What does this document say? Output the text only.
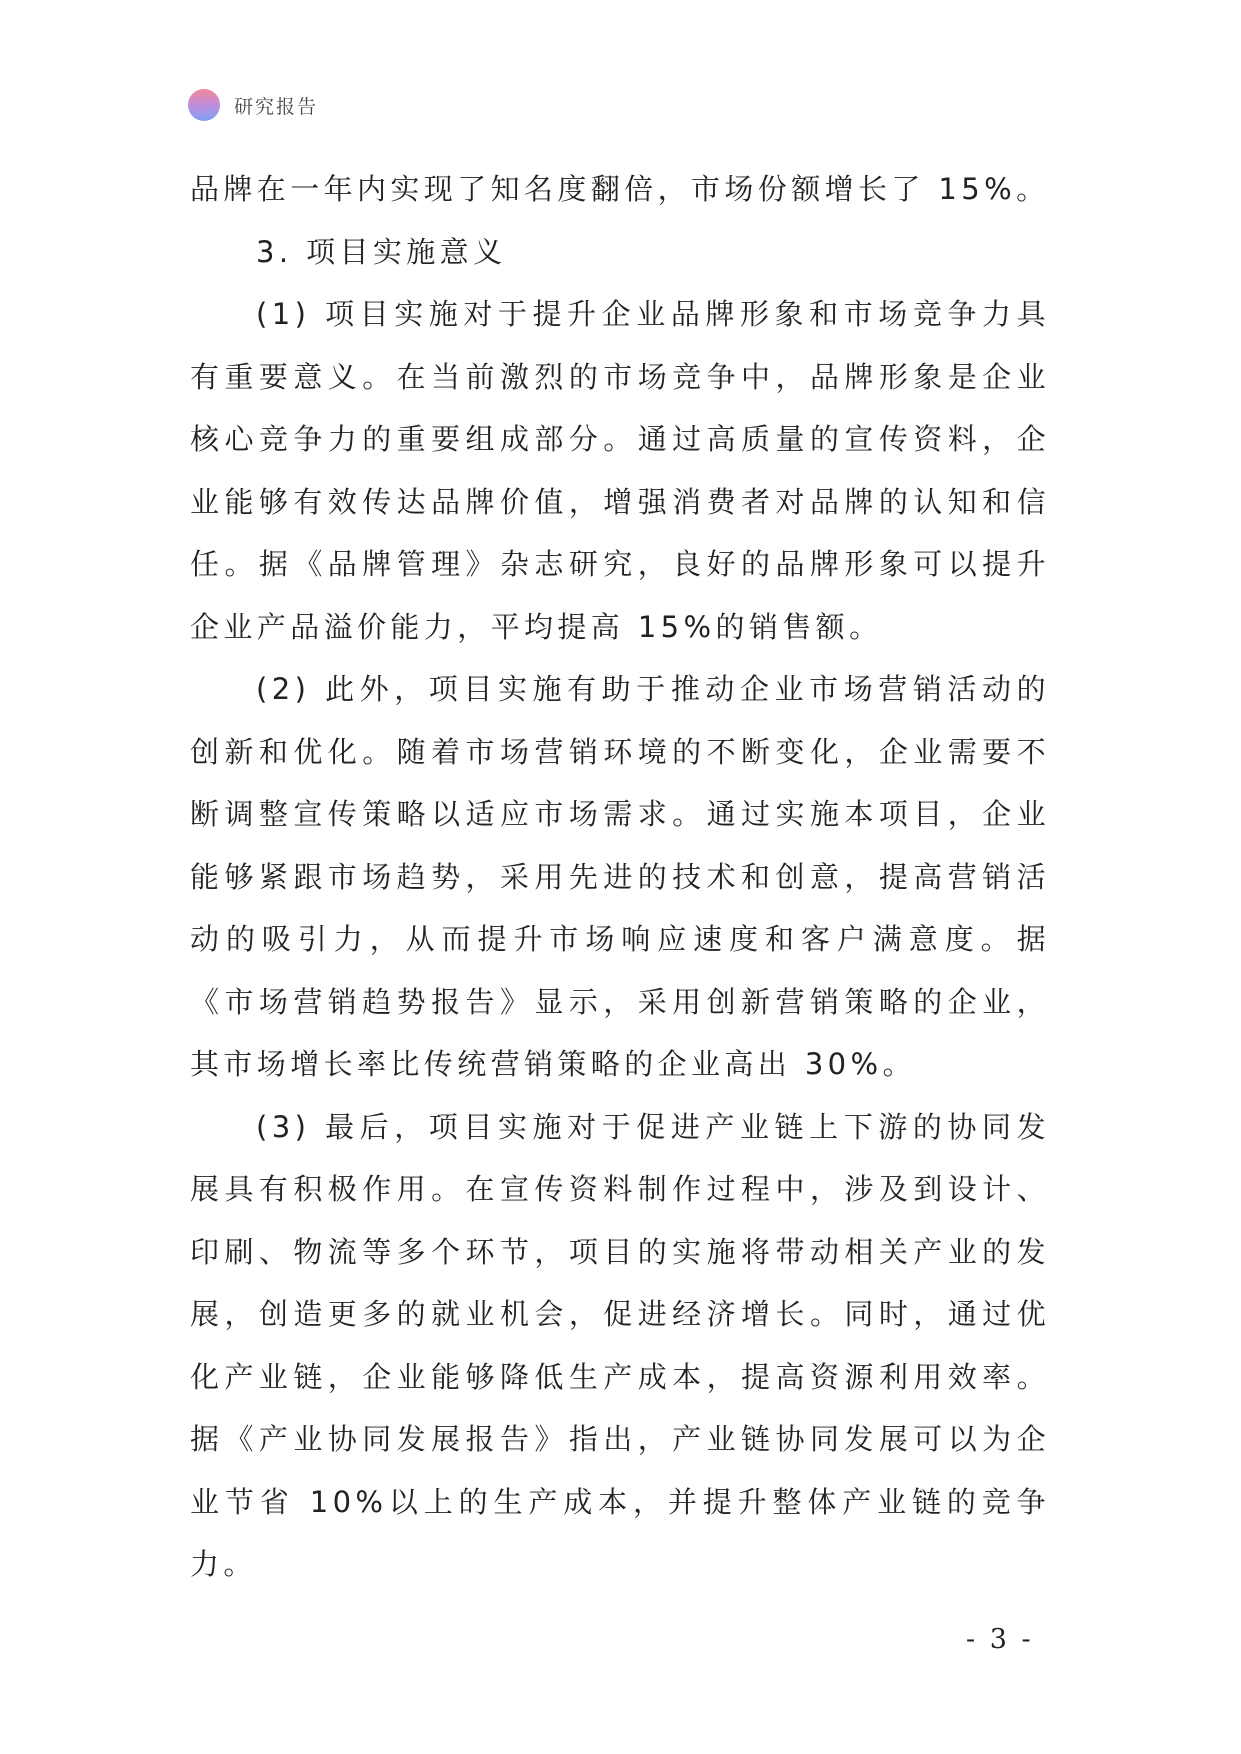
研究报告

品牌在一年内实现了知名度翻倍，市场份额增长了 15%。

3. 项目实施意义

(1) 项目实施对于提升企业品牌形象和市场竞争力具有重要意义。在当前激烈的市场竞争中，品牌形象是企业核心竞争力的重要组成部分。通过高质量的宣传资料，企业能够有效传达品牌价值，增强消费者对品牌的认知和信任。据《品牌管理》杂志研究，良好的品牌形象可以提升企业产品溢价能力，平均提高 15%的销售额。

(2) 此外，项目实施有助于推动企业市场营销活动的创新和优化。随着市场营销环境的不断变化，企业需要不断调整宣传策略以适应市场需求。通过实施本项目，企业能够紧跟市场趋势，采用先进的技术和创意，提高营销活动的吸引力，从而提升市场响应速度和客户满意度。据《市场营销趋势报告》显示，采用创新营销策略的企业，其市场增长率比传统营销策略的企业高出 30%。

(3) 最后，项目实施对于促进产业链上下游的协同发展具有积极作用。在宣传资料制作过程中，涉及到设计、印刷、物流等多个环节，项目的实施将带动相关产业的发展，创造更多的就业机会，促进经济增长。同时，通过优化产业链，企业能够降低生产成本，提高资源利用效率。据《产业协同发展报告》指出，产业链协同发展可以为企业节省 10%以上的生产成本，并提升整体产业链的竞争力。

- 3 -
